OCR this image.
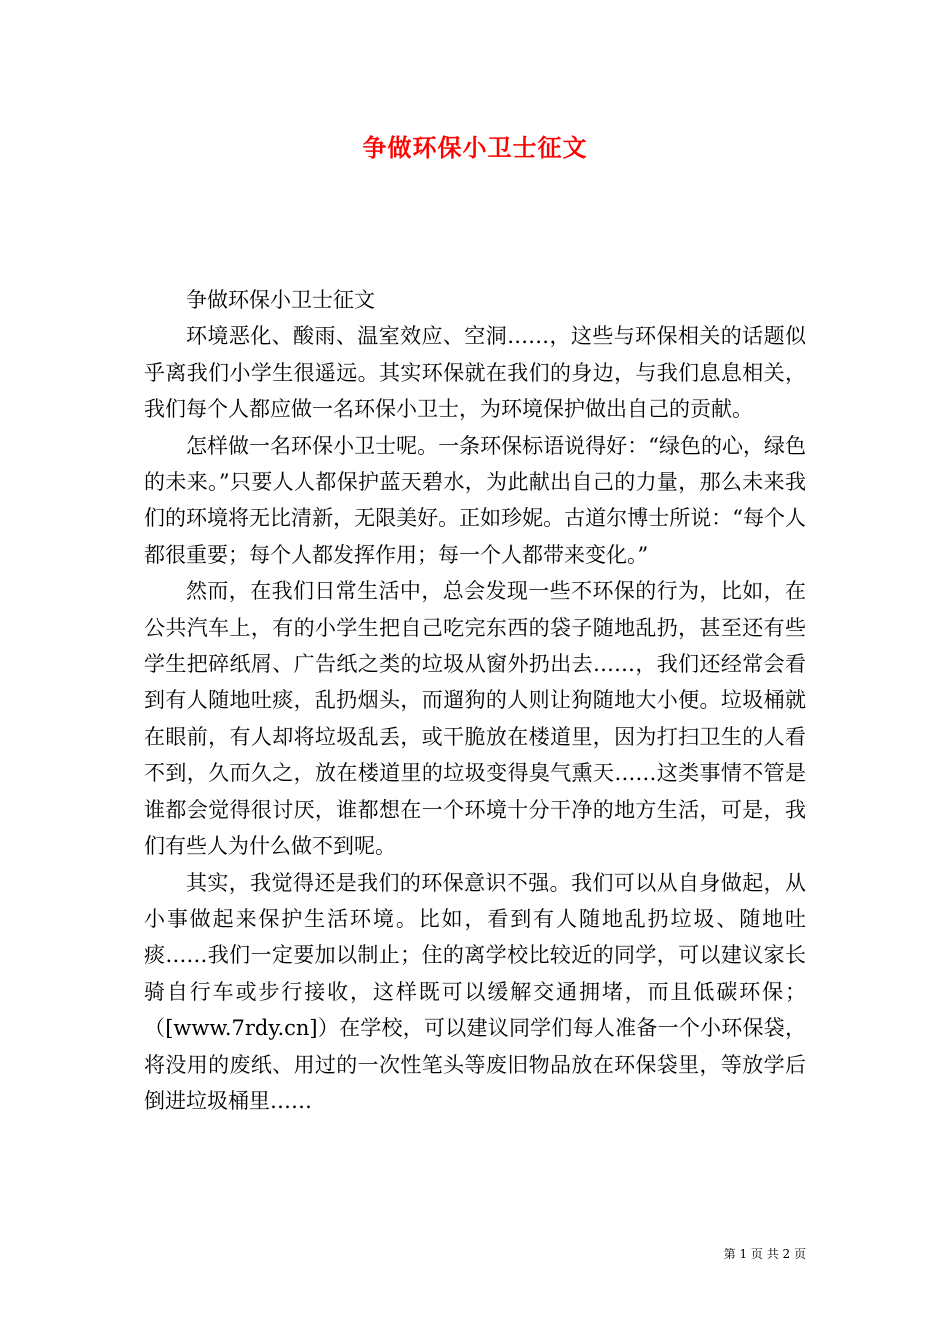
争做环保小卫士征文

争做环保小卫士征文

环境恶化、酸雨、温室效应、空洞……，这些与环保相关的话题似乎离我们小学生很遥远。其实环保就在我们的身边，与我们息息相关，我们每个人都应做一名环保小卫士，为环境保护做出自己的贡献。

怎样做一名环保小卫士呢。一条环保标语说得好：“绿色的心，绿色的未来。”只要人人都保护蓝天碧水，为此献出自己的力量，那么未来我们的环境将无比清新，无限美好。正如珍妮。古道尔博士所说：“每个人都很重要；每个人都发挥作用；每一个人都带来变化。”

然而，在我们日常生活中，总会发现一些不环保的行为，比如，在公共汽车上，有的小学生把自己吃完东西的袋子随地乱扔，甚至还有些学生把碎纸屑、广告纸之类的垃圾从窗外扔出去……，我们还经常会看到有人随地吐痰，乱扔烟头，而遛狗的人则让狗随地大小便。垃圾桶就在眼前，有人却将垃圾乱丢，或干脆放在楼道里，因为打扫卫生的人看不到，久而久之，放在楼道里的垃圾变得臭气熏天……这类事情不管是谁都会觉得很讨厌，谁都想在一个环境十分干净的地方生活，可是，我们有些人为什么做不到呢。

其实，我觉得还是我们的环保意识不强。我们可以从自身做起，从小事做起来保护生活环境。比如，看到有人随地乱扔垃圾、随地吐痰……我们一定要加以制止；住的离学校比较近的同学，可以建议家长骑自行车或步行接收，这样既可以缓解交通拥堵，而且低碳环保；（[www.7rdy.cn]）在学校，可以建议同学们每人准备一个小环保袋，将没用的废纸、用过的一次性笔头等废旧物品放在环保袋里，等放学后倒进垃圾桶里……

第 1 页 共 2 页
